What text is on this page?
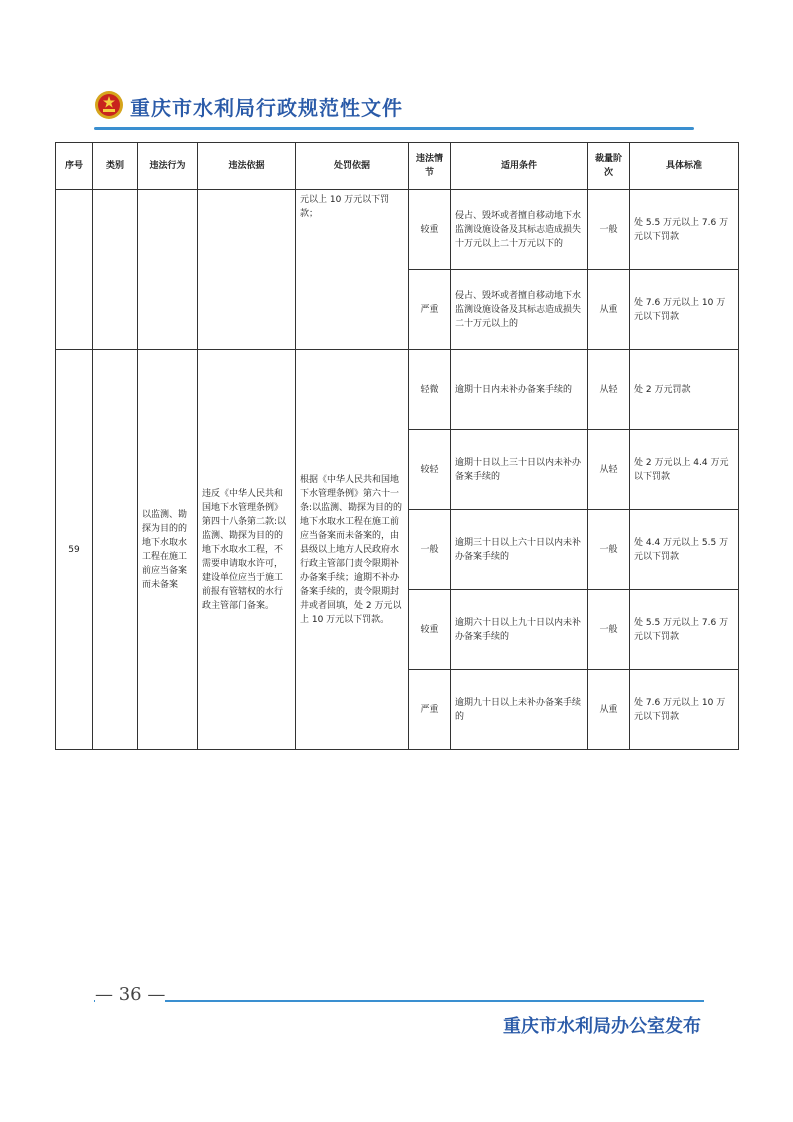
重庆市水利局行政规范性文件
序号	类别	违法行为	违法依据	处罚依据	违法情节	适用条件	裁量阶次	具体标准
				元以上 10 万元以下罚款；	较重	侵占、毁坏或者擅自移动地下水监测设施设备及其标志造成损失十万元以上二十万元以下的	一般	处 5.5 万元以上 7.6 万元以下罚款
					严重	侵占、毁坏或者擅自移动地下水监测设施设备及其标志造成损失二十万元以上的	从重	处 7.6 万元以上 10 万元以下罚款
59		以监测、勘探为目的的地下水取水工程在施工前应当备案而未备案	违反《中华人民共和国地下水管理条例》第四十八条第二款:以监测、勘探为目的的地下水取水工程，不需要申请取水许可，建设单位应当于施工前报有管辖权的水行政主管部门备案。	根据《中华人民共和国地下水管理条例》第六十一条:以监测、勘探为目的的地下水取水工程在施工前应当备案而未备案的，由县级以上地方人民政府水行政主管部门责令限期补办备案手续；逾期不补办备案手续的，责令限期封井或者回填，处 2 万元以上 10 万元以下罚款。	轻微	逾期十日内未补办备案手续的	从轻	处 2 万元罚款
					较轻	逾期十日以上三十日以内未补办备案手续的	从轻	处 2 万元以上 4.4 万元以下罚款
					一般	逾期三十日以上六十日以内未补办备案手续的	一般	处 4.4 万元以上 5.5 万元以下罚款
					较重	逾期六十日以上九十日以内未补办备案手续的	一般	处 5.5 万元以上 7.6 万元以下罚款
					严重	逾期九十日以上未补办备案手续的	从重	处 7.6 万元以上 10 万元以下罚款
— 36 —
重庆市水利局办公室发布
